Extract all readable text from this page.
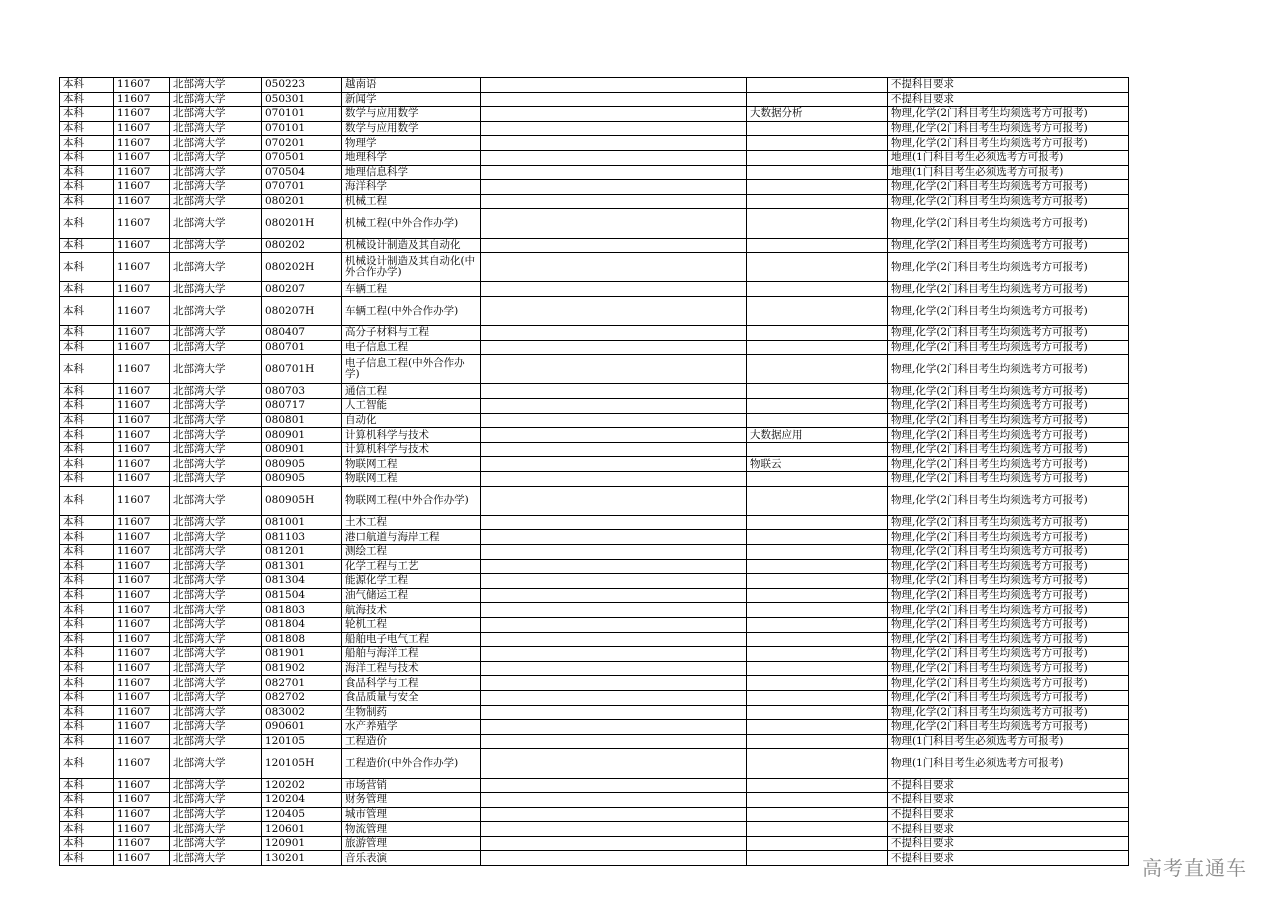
本科	11607	北部湾大学	050223	越南语			不提科目要求
本科	11607	北部湾大学	050301	新闻学			不提科目要求
本科	11607	北部湾大学	070101	数学与应用数学		大数据分析	物理,化学(2门科目考生均须选考方可报考)
本科	11607	北部湾大学	070101	数学与应用数学			物理,化学(2门科目考生均须选考方可报考)
本科	11607	北部湾大学	070201	物理学			物理,化学(2门科目考生均须选考方可报考)
本科	11607	北部湾大学	070501	地理科学			地理(1门科目考生必须选考方可报考)
本科	11607	北部湾大学	070504	地理信息科学			地理(1门科目考生必须选考方可报考)
本科	11607	北部湾大学	070701	海洋科学			物理,化学(2门科目考生均须选考方可报考)
本科	11607	北部湾大学	080201	机械工程			物理,化学(2门科目考生均须选考方可报考)
本科	11607	北部湾大学	080201H	机械工程(中外合作办学)			物理,化学(2门科目考生均须选考方可报考)
本科	11607	北部湾大学	080202	机械设计制造及其自动化			物理,化学(2门科目考生均须选考方可报考)
本科	11607	北部湾大学	080202H	机械设计制造及其自动化(中外合作办学)			物理,化学(2门科目考生均须选考方可报考)
本科	11607	北部湾大学	080207	车辆工程			物理,化学(2门科目考生均须选考方可报考)
本科	11607	北部湾大学	080207H	车辆工程(中外合作办学)			物理,化学(2门科目考生均须选考方可报考)
本科	11607	北部湾大学	080407	高分子材料与工程			物理,化学(2门科目考生均须选考方可报考)
本科	11607	北部湾大学	080701	电子信息工程			物理,化学(2门科目考生均须选考方可报考)
本科	11607	北部湾大学	080701H	电子信息工程(中外合作办学)			物理,化学(2门科目考生均须选考方可报考)
本科	11607	北部湾大学	080703	通信工程			物理,化学(2门科目考生均须选考方可报考)
本科	11607	北部湾大学	080717	人工智能			物理,化学(2门科目考生均须选考方可报考)
本科	11607	北部湾大学	080801	自动化			物理,化学(2门科目考生均须选考方可报考)
本科	11607	北部湾大学	080901	计算机科学与技术		大数据应用	物理,化学(2门科目考生均须选考方可报考)
本科	11607	北部湾大学	080901	计算机科学与技术			物理,化学(2门科目考生均须选考方可报考)
本科	11607	北部湾大学	080905	物联网工程		物联云	物理,化学(2门科目考生均须选考方可报考)
本科	11607	北部湾大学	080905	物联网工程			物理,化学(2门科目考生均须选考方可报考)
本科	11607	北部湾大学	080905H	物联网工程(中外合作办学)			物理,化学(2门科目考生均须选考方可报考)
本科	11607	北部湾大学	081001	土木工程			物理,化学(2门科目考生均须选考方可报考)
本科	11607	北部湾大学	081103	港口航道与海岸工程			物理,化学(2门科目考生均须选考方可报考)
本科	11607	北部湾大学	081201	测绘工程			物理,化学(2门科目考生均须选考方可报考)
本科	11607	北部湾大学	081301	化学工程与工艺			物理,化学(2门科目考生均须选考方可报考)
本科	11607	北部湾大学	081304	能源化学工程			物理,化学(2门科目考生均须选考方可报考)
本科	11607	北部湾大学	081504	油气储运工程			物理,化学(2门科目考生均须选考方可报考)
本科	11607	北部湾大学	081803	航海技术			物理,化学(2门科目考生均须选考方可报考)
本科	11607	北部湾大学	081804	轮机工程			物理,化学(2门科目考生均须选考方可报考)
本科	11607	北部湾大学	081808	船舶电子电气工程			物理,化学(2门科目考生均须选考方可报考)
本科	11607	北部湾大学	081901	船舶与海洋工程			物理,化学(2门科目考生均须选考方可报考)
本科	11607	北部湾大学	081902	海洋工程与技术			物理,化学(2门科目考生均须选考方可报考)
本科	11607	北部湾大学	082701	食品科学与工程			物理,化学(2门科目考生均须选考方可报考)
本科	11607	北部湾大学	082702	食品质量与安全			物理,化学(2门科目考生均须选考方可报考)
本科	11607	北部湾大学	083002	生物制药			物理,化学(2门科目考生均须选考方可报考)
本科	11607	北部湾大学	090601	水产养殖学			物理,化学(2门科目考生均须选考方可报考)
本科	11607	北部湾大学	120105	工程造价			物理(1门科目考生必须选考方可报考)
本科	11607	北部湾大学	120105H	工程造价(中外合作办学)			物理(1门科目考生必须选考方可报考)
本科	11607	北部湾大学	120202	市场营销			不提科目要求
本科	11607	北部湾大学	120204	财务管理			不提科目要求
本科	11607	北部湾大学	120405	城市管理			不提科目要求
本科	11607	北部湾大学	120601	物流管理			不提科目要求
本科	11607	北部湾大学	120901	旅游管理			不提科目要求
本科	11607	北部湾大学	130201	音乐表演			不提科目要求	高考直通车
